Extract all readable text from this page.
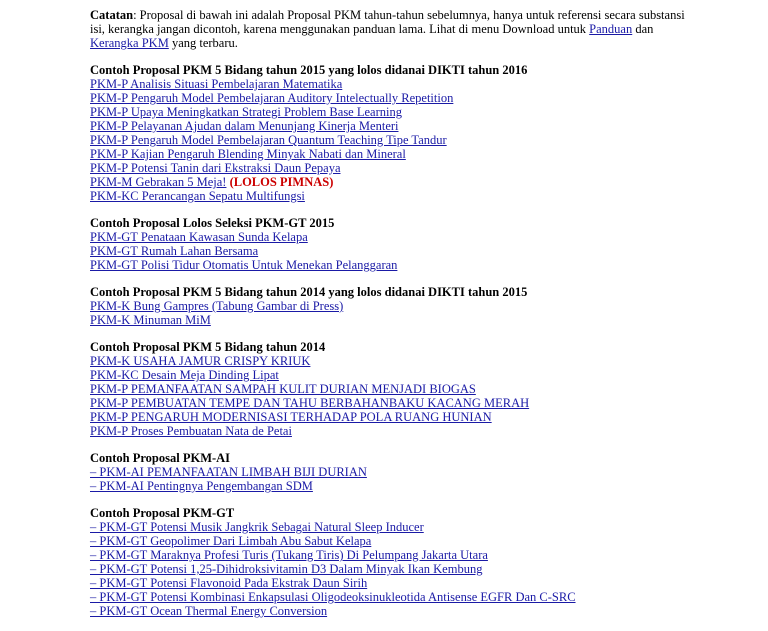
Catatan: Proposal di bawah ini adalah Proposal PKM tahun-tahun sebelumnya, hanya untuk referensi secara substansi isi, kerangka jangan dicontoh, karena menggunakan panduan lama. Lihat di menu Download untuk Panduan dan Kerangka PKM yang terbaru.

Contoh Proposal PKM 5 Bidang tahun 2015 yang lolos didanai DIKTI tahun 2016
PKM-P Analisis Situasi Pembelajaran Matematika
PKM-P Pengaruh Model Pembelajaran Auditory Intelectually Repetition
PKM-P Upaya Meningkatkan Strategi Problem Base Learning
PKM-P Pelayanan Ajudan dalam Menunjang Kinerja Menteri
PKM-P Pengaruh Model Pembelajaran Quantum Teaching Tipe Tandur
PKM-P Kajian Pengaruh Blending Minyak Nabati dan Mineral
PKM-P Potensi Tanin dari Ekstraksi Daun Pepaya
PKM-M Gebrakan 5 Meja! (LOLOS PIMNAS)
PKM-KC Perancangan Sepatu Multifungsi
Contoh Proposal Lolos Seleksi PKM-GT 2015
PKM-GT Penataan Kawasan Sunda Kelapa
PKM-GT Rumah Lahan Bersama
PKM-GT Polisi Tidur Otomatis Untuk Menekan Pelanggaran
Contoh Proposal PKM 5 Bidang tahun 2014 yang lolos didanai DIKTI tahun 2015
PKM-K Bung Gampres (Tabung Gambar di Press)
PKM-K Minuman MiM
Contoh Proposal PKM 5 Bidang tahun 2014
PKM-K USAHA JAMUR CRISPY KRIUK
PKM-KC Desain Meja Dinding Lipat
PKM-P PEMANFAATAN SAMPAH KULIT DURIAN MENJADI BIOGAS
PKM-P PEMBUATAN TEMPE DAN TAHU BERBAHANBAKU KACANG MERAH
PKM-P PENGARUH MODERNISASI TERHADAP POLA RUANG HUNIAN
PKM-P Proses Pembuatan Nata de Petai
Contoh Proposal PKM-AI
– PKM-AI PEMANFAATAN LIMBAH BIJI DURIAN
– PKM-AI Pentingnya Pengembangan SDM
Contoh Proposal PKM-GT
– PKM-GT Potensi Musik Jangkrik Sebagai Natural Sleep Inducer
– PKM-GT Geopolimer Dari Limbah Abu Sabut Kelapa
– PKM-GT Maraknya Profesi Turis (Tukang Tiris) Di Pelumpang Jakarta Utara
– PKM-GT Potensi 1,25-Dihidroksivitamin D3 Dalam Minyak Ikan Kembung
– PKM-GT Potensi Flavonoid Pada Ekstrak Daun Sirih
– PKM-GT Potensi Kombinasi Enkapsulasi Oligodeoksinukleotida Antisense EGFR Dan C-SRC
– PKM-GT Ocean Thermal Energy Conversion
